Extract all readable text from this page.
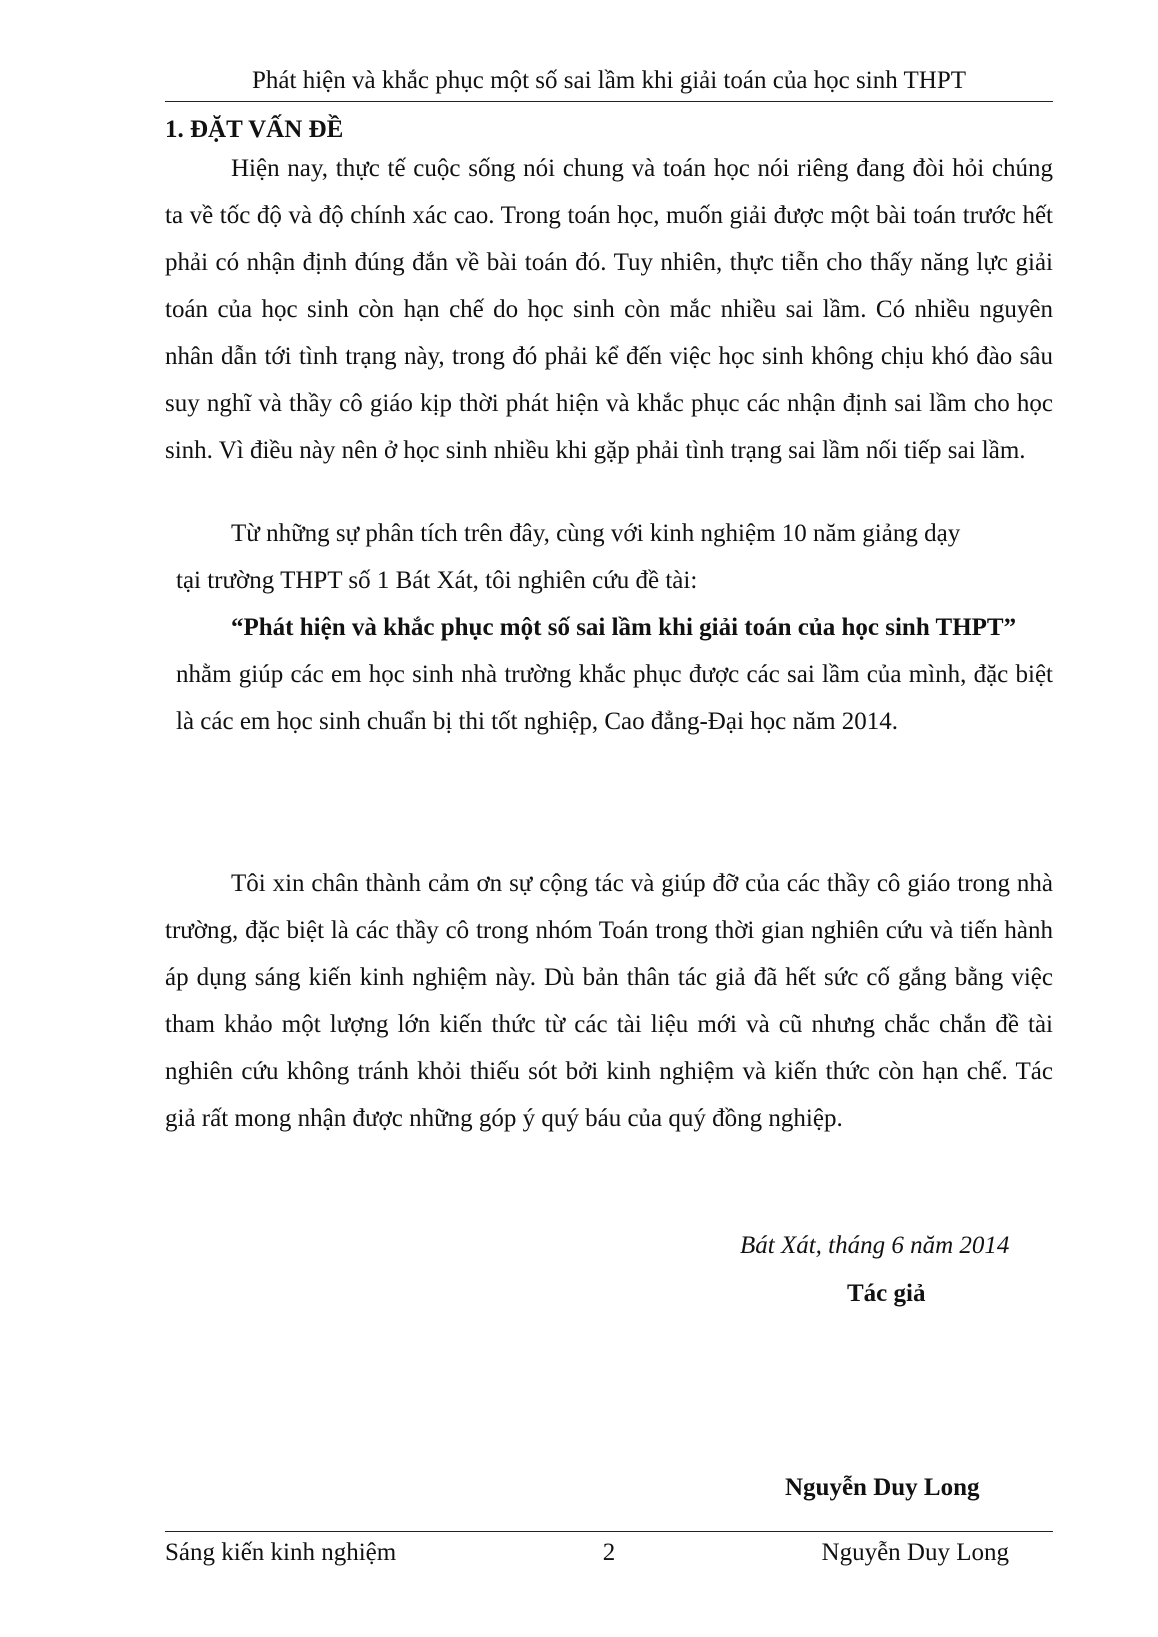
Phát hiện và khắc phục một số sai lầm khi giải toán của học sinh THPT
1. ĐẶT VẤN ĐỀ

Hiện nay, thực tế cuộc sống nói chung và toán học nói riêng đang đòi hỏi chúng ta về tốc độ và độ chính xác cao. Trong toán học, muốn giải được một bài toán trước hết phải có nhận định đúng đắn về bài toán đó. Tuy nhiên, thực tiễn cho thấy năng lực giải toán của học sinh còn hạn chế do học sinh còn mắc nhiều sai lầm. Có nhiều nguyên nhân dẫn tới tình trạng này, trong đó phải kể đến việc học sinh không chịu khó đào sâu suy nghĩ và thầy cô giáo kịp thời phát hiện và khắc phục các nhận định sai lầm cho học sinh. Vì điều này nên ở học sinh nhiều khi gặp phải tình trạng sai lầm nối tiếp sai lầm.

Từ những sự phân tích trên đây, cùng với kinh nghiệm 10 năm giảng dạy

tại trường THPT số 1 Bát Xát, tôi nghiên cứu đề tài:

“Phát hiện và khắc phục một số sai lầm khi giải toán của học sinh THPT”

nhằm giúp các em học sinh nhà trường khắc phục được các sai lầm của mình, đặc biệt là các em học sinh chuẩn bị thi tốt nghiệp, Cao đẳng-Đại học năm 2014.

Tôi xin chân thành cảm ơn sự cộng tác và giúp đỡ của các thầy cô giáo trong nhà trường, đặc biệt là các thầy cô trong nhóm Toán trong thời gian nghiên cứu và tiến hành áp dụng sáng kiến kinh nghiệm này. Dù bản thân tác giả đã hết sức cố gắng bằng việc tham khảo một lượng lớn kiến thức từ các tài liệu mới và cũ nhưng chắc chắn đề tài nghiên cứu không tránh khỏi thiếu sót bởi kinh nghiệm và kiến thức còn hạn chế. Tác giả rất mong nhận được những góp ý quý báu của quý đồng nghiệp.

Bát Xát, tháng 6 năm 2014
Tác giả
Nguyễn Duy Long
Sáng kiến kinh nghiệm	2	Nguyễn Duy Long
